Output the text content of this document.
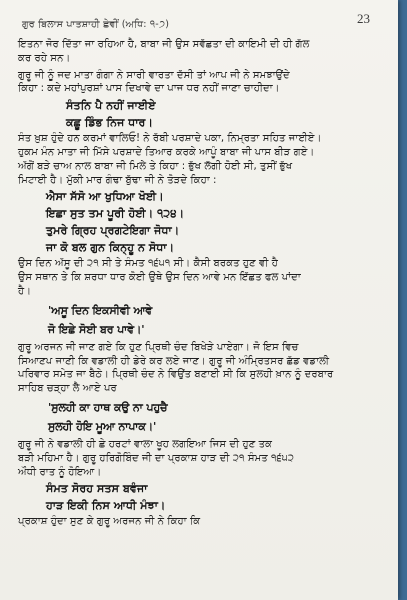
ਗੁਰ ਬਿਲਾਸ ਪਾਤਸ਼ਾਹੀ ਛੇਵੀਂ (ਅਧਿ: ੧-੭)	23
ਇਤਨਾ ਜੋਰ ਦਿੱਤਾ ਜਾ ਰਹਿਆ ਹੈ, ਬਾਬਾ ਜੀ ਉਸ ਸਵੱਛਤਾ ਦੀ ਕਾਇਮੀ ਦੀ ਹੀ ਗੱਲ
ਕਰ ਰਹੇ ਸਨ।
ਗੁਰੂ ਜੀ ਨੂੰ ਜਦ ਮਾਤਾ ਗੰਗਾ ਨੇ ਸਾਰੀ ਵਾਰਤਾ ਦੱਸੀ ਤਾਂ ਆਪ ਜੀ ਨੇ ਸਮਝਾਉਂਦੇ
ਕਿਹਾ : ਕਦੇ ਮਹਾਂਪੁਰਸ਼ਾਂ ਪਾਸ ਦਿਖਾਵੇ ਦਾ ਪਾਜ ਧਰ ਨਹੀਂ ਜਾਣਾ ਚਾਹੀਦਾ।
ਸੰਤਨਿ ਪੈ ਨਹੀਂ ਜਾਈਏ
ਕਛੂ ਡਿੰਭ ਨਿਜ ਧਾਰ।
ਸੰਤ ਖ਼ੁਸ਼ ਹੁੰਦੇ ਹਨ ਕਰਮਾਂ ਵਾਲਿਓ! ਨੇ ਰੱਬੀ ਪਰਸ਼ਾਦੇ ਪਕਾ, ਨਿਮ੍ਰਤਾ ਸਹਿਤ ਜਾਈਏ।
ਹੁਕਮ ਮੰਨ ਮਾਤਾ ਜੀ ਮਿੱਸੇ ਪਰਸ਼ਾਦੇ ਤਿਆਰ ਕਰਕੇ ਆਪੂੰ ਬਾਬਾ ਜੀ ਪਾਸ ਬੀੜ ਗਏ।
ਅੱਗੋਂ ਬੜੇ ਚਾਅ ਨਾਲ ਬਾਬਾ ਜੀ ਮਿਲੇ ਤੇ ਕਿਹਾ : ਭੁੱਖ ਲੱਗੀ ਹੋਈ ਸੀ, ਤੁਸੀਂ ਭੁੱਖ
ਮਿਟਾਈ ਹੈ। ਮੁੱਕੀ ਮਾਰ ਗੰਢਾ ਬੁੱਢਾ ਜੀ ਨੇ ਤੋੜਦੇ ਕਿਹਾ :
ਐਸਾ ਸੱਸੋ ਆ ਖੁਧਿਆ ਖੋਈ।
ਇਛਾ ਸੁਤ ਤਮ ਪੂਰੀ ਹੋਈ। ੧੨੪।
ਤੁਮਰੇ ਗ੍ਰਿਹ ਪ੍ਰਗਟੇਇਗਾ ਜੋਧਾ।
ਜਾ ਕੋ ਬਲ ਗੁਨ ਕਿਨ੍ਹੂ ਨ ਸੋਧਾ।
ਉਸ ਦਿਨ ਅੱਸੂ ਦੀ ੨੧ ਸੀ ਤੇ ਸੰਮਤ ੧੬੫੧ ਸੀ। ਕੈਸੀ ਬਰਕਤ ਹੁਣ ਵੀ ਹੈ
ਉਸ ਸਥਾਨ ਤੇ ਕਿ ਸ਼ਰਧਾ ਧਾਰ ਕੋਈ ਉਥੇ ਉਸ ਦਿਨ ਆਵੇ ਮਨ ਇੱਛਤ ਫਲ ਪਾਂਦਾ
ਹੈ।
'ਅਸੂ ਦਿਨ ਇਕਸੀਵੀ ਆਵੇ
ਜੋ ਇਛੇ ਸੋਈ ਬਰ ਪਾਵੇ।'
ਗੁਰੂ ਅਰਜਨ ਜੀ ਜਾਣ ਗਏ ਕਿ ਹੁਣ ਪ੍ਰਿਥੀ ਚੰਦ ਬਿਖੇੜੇ ਪਾਏਗਾ। ਜੋ ਇਸ ਵਿਚ
ਸਿਆਣਪ ਜਾਣੀ ਕਿ ਵਡਾਲੀ ਹੀ ਡੇਰੇ ਕਰ ਲਏ ਜਾਣ। ਗੁਰੂ ਜੀ ਅੰਮ੍ਰਿਤਸਰ ਛੱਡ ਵਡਾਲੀ
ਪਰਿਵਾਰ ਸਮੇਤ ਜਾ ਬੈਠੇ। ਪ੍ਰਿਥੀ ਚੰਦ ਨੇ ਵਿਉਂਤ ਬਣਾਈ ਸੀ ਕਿ ਸੁਲਹੀ ਖ਼ਾਨ ਨੂੰ ਦਰਬਾਰ
ਸਾਹਿਬ ਚੜ੍ਹਾ ਲੈ ਆਏ ਪਰ
'ਸੁਲਹੀ ਕਾ ਹਾਥ ਕਉ ਨਾ ਪਹੁਚੈ
ਸੁਲਹੀ ਹੋਇ ਮੂਆ ਨਾਪਾਕ।'
ਗੁਰੂ ਜੀ ਨੇ ਵਡਾਲੀ ਹੀ ਛੇ ਹਰਟਾਂ ਵਾਲਾ ਖੂਹ ਲਗਇਆ ਜਿਸ ਦੀ ਹੁਣ ਤਕ
ਬੜੀ ਮਹਿਮਾ ਹੈ। ਗੁਰੂ ਹਰਿਗੋਬਿੰਦ ਜੀ ਦਾ ਪ੍ਰਕਾਸ਼ ਹਾੜ ਦੀ ੨੧ ਸੰਮਤ ੧੬੫੨
ਔਧੀ ਰਾਤ ਨੂੰ ਹੋਇਆ।
ਸੰਮਤ ਸੋਰਹ ਸਤਸ ਬਵੰਜਾ
ਹਾੜ ਇਕੀ ਨਿਸ ਆਧੀ ਮੰਝਾ।
ਪ੍ਰਕਾਸ਼ ਹੁੰਦਾ ਸੁਣ ਕੇ ਗੁਰੂ ਅਰਜਨ ਜੀ ਨੇ ਕਿਹਾ ਕਿ
